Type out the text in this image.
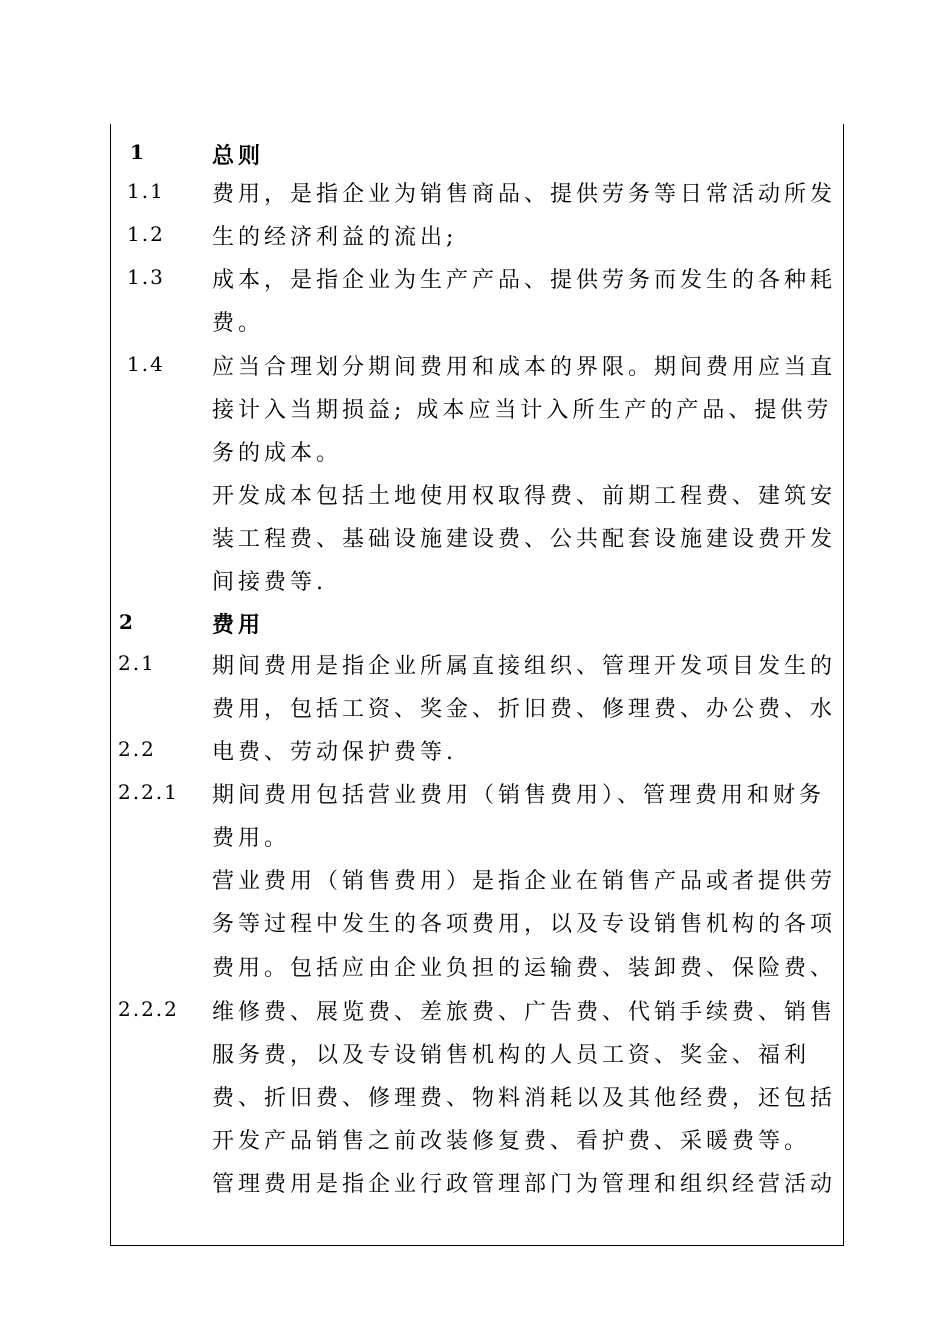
1
1.1
1.2
1.3
1.4
2
2.1
2.2
2.2.1
2.2.2
总则
费用，是指企业为销售商品、提供劳务等日常活动所发
生的经济利益的流出;
成本，是指企业为生产产品、提供劳务而发生的各种耗
费。
应当合理划分期间费用和成本的界限。期间费用应当直
接计入当期损益; 成本应当计入所生产的产品、提供劳
务的成本。
开发成本包括土地使用权取得费、前期工程费、建筑安
装工程费、基础设施建设费、公共配套设施建设费开发
间接费等.
费用
期间费用是指企业所属直接组织、管理开发项目发生的
费用，包括工资、奖金、折旧费、修理费、办公费、水
电费、劳动保护费等.
期间费用包括营业费用（销售费用）、管理费用和财务
费用。
营业费用（销售费用）是指企业在销售产品或者提供劳
务等过程中发生的各项费用，以及专设销售机构的各项
费用。包括应由企业负担的运输费、装卸费、保险费、
维修费、展览费、差旅费、广告费、代销手续费、销售
服务费，以及专设销售机构的人员工资、奖金、福利
费、折旧费、修理费、物料消耗以及其他经费，还包括
开发产品销售之前改装修复费、看护费、采暖费等。
管理费用是指企业行政管理部门为管理和组织经营活动
